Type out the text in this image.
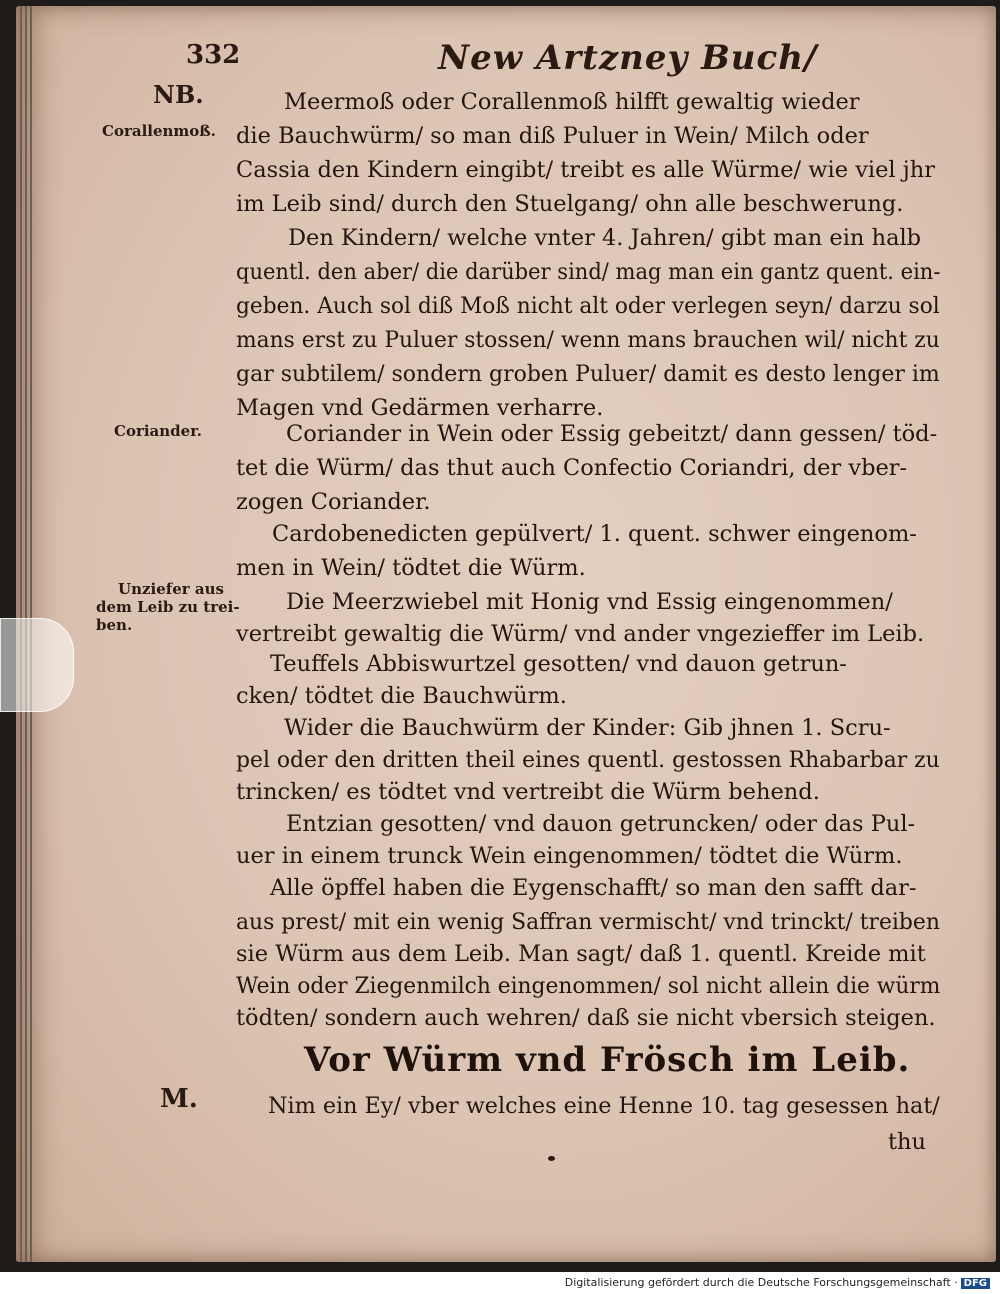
332	New Artzney Buch/
NB.
Corallenmoß.
Coriander.
Unziefer aus
dem Leib zu trei-
ben.
M.
Meermoß oder Corallenmoß hilfft gewaltig wieder
die Bauchwürm/ so man diß Puluer in Wein/ Milch oder
Cassia den Kindern eingibt/ treibt es alle Würme/ wie viel jhr
im Leib sind/ durch den Stuelgang/ ohn alle beschwerung.
Den Kindern/ welche vnter 4. Jahren/ gibt man ein halb
quentl. den aber/ die darüber sind/ mag man ein gantz quent. ein-
geben. Auch sol diß Moß nicht alt oder verlegen seyn/ darzu sol
mans erst zu Puluer stossen/ wenn mans brauchen wil/ nicht zu
gar subtilem/ sondern groben Puluer/ damit es desto lenger im
Magen vnd Gedärmen verharre.
Coriander in Wein oder Essig gebeitzt/ dann gessen/ töd-
tet die Würm/ das thut auch Confectio Coriandri, der vber-
zogen Coriander.
Cardobenedicten gepülvert/ 1. quent. schwer eingenom-
men in Wein/ tödtet die Würm.
Die Meerzwiebel mit Honig vnd Essig eingenommen/
vertreibt gewaltig die Würm/ vnd ander vngezieffer im Leib.
Teuffels Abbiswurtzel gesotten/ vnd dauon getrun-
cken/ tödtet die Bauchwürm.
Wider die Bauchwürm der Kinder: Gib jhnen 1. Scru-
pel oder den dritten theil eines quentl. gestossen Rhabarbar zu
trincken/ es tödtet vnd vertreibt die Würm behend.
Entzian gesotten/ vnd dauon getruncken/ oder das Pul-
uer in einem trunck Wein eingenommen/ tödtet die Würm.
Alle öpffel haben die Eygenschafft/ so man den safft dar-
aus prest/ mit ein wenig Saffran vermischt/ vnd trinckt/ treiben
sie Würm aus dem Leib. Man sagt/ daß 1. quentl. Kreide mit
Wein oder Ziegenmilch eingenommen/ sol nicht allein die würm
tödten/ sondern auch wehren/ daß sie nicht vbersich steigen.
Vor Würm vnd Frösch im Leib.
Nim ein Ey/ vber welches eine Henne 10. tag gesessen hat/
thu
Digitalisierung gefördert durch die Deutsche Forschungsgemeinschaft · DFG
